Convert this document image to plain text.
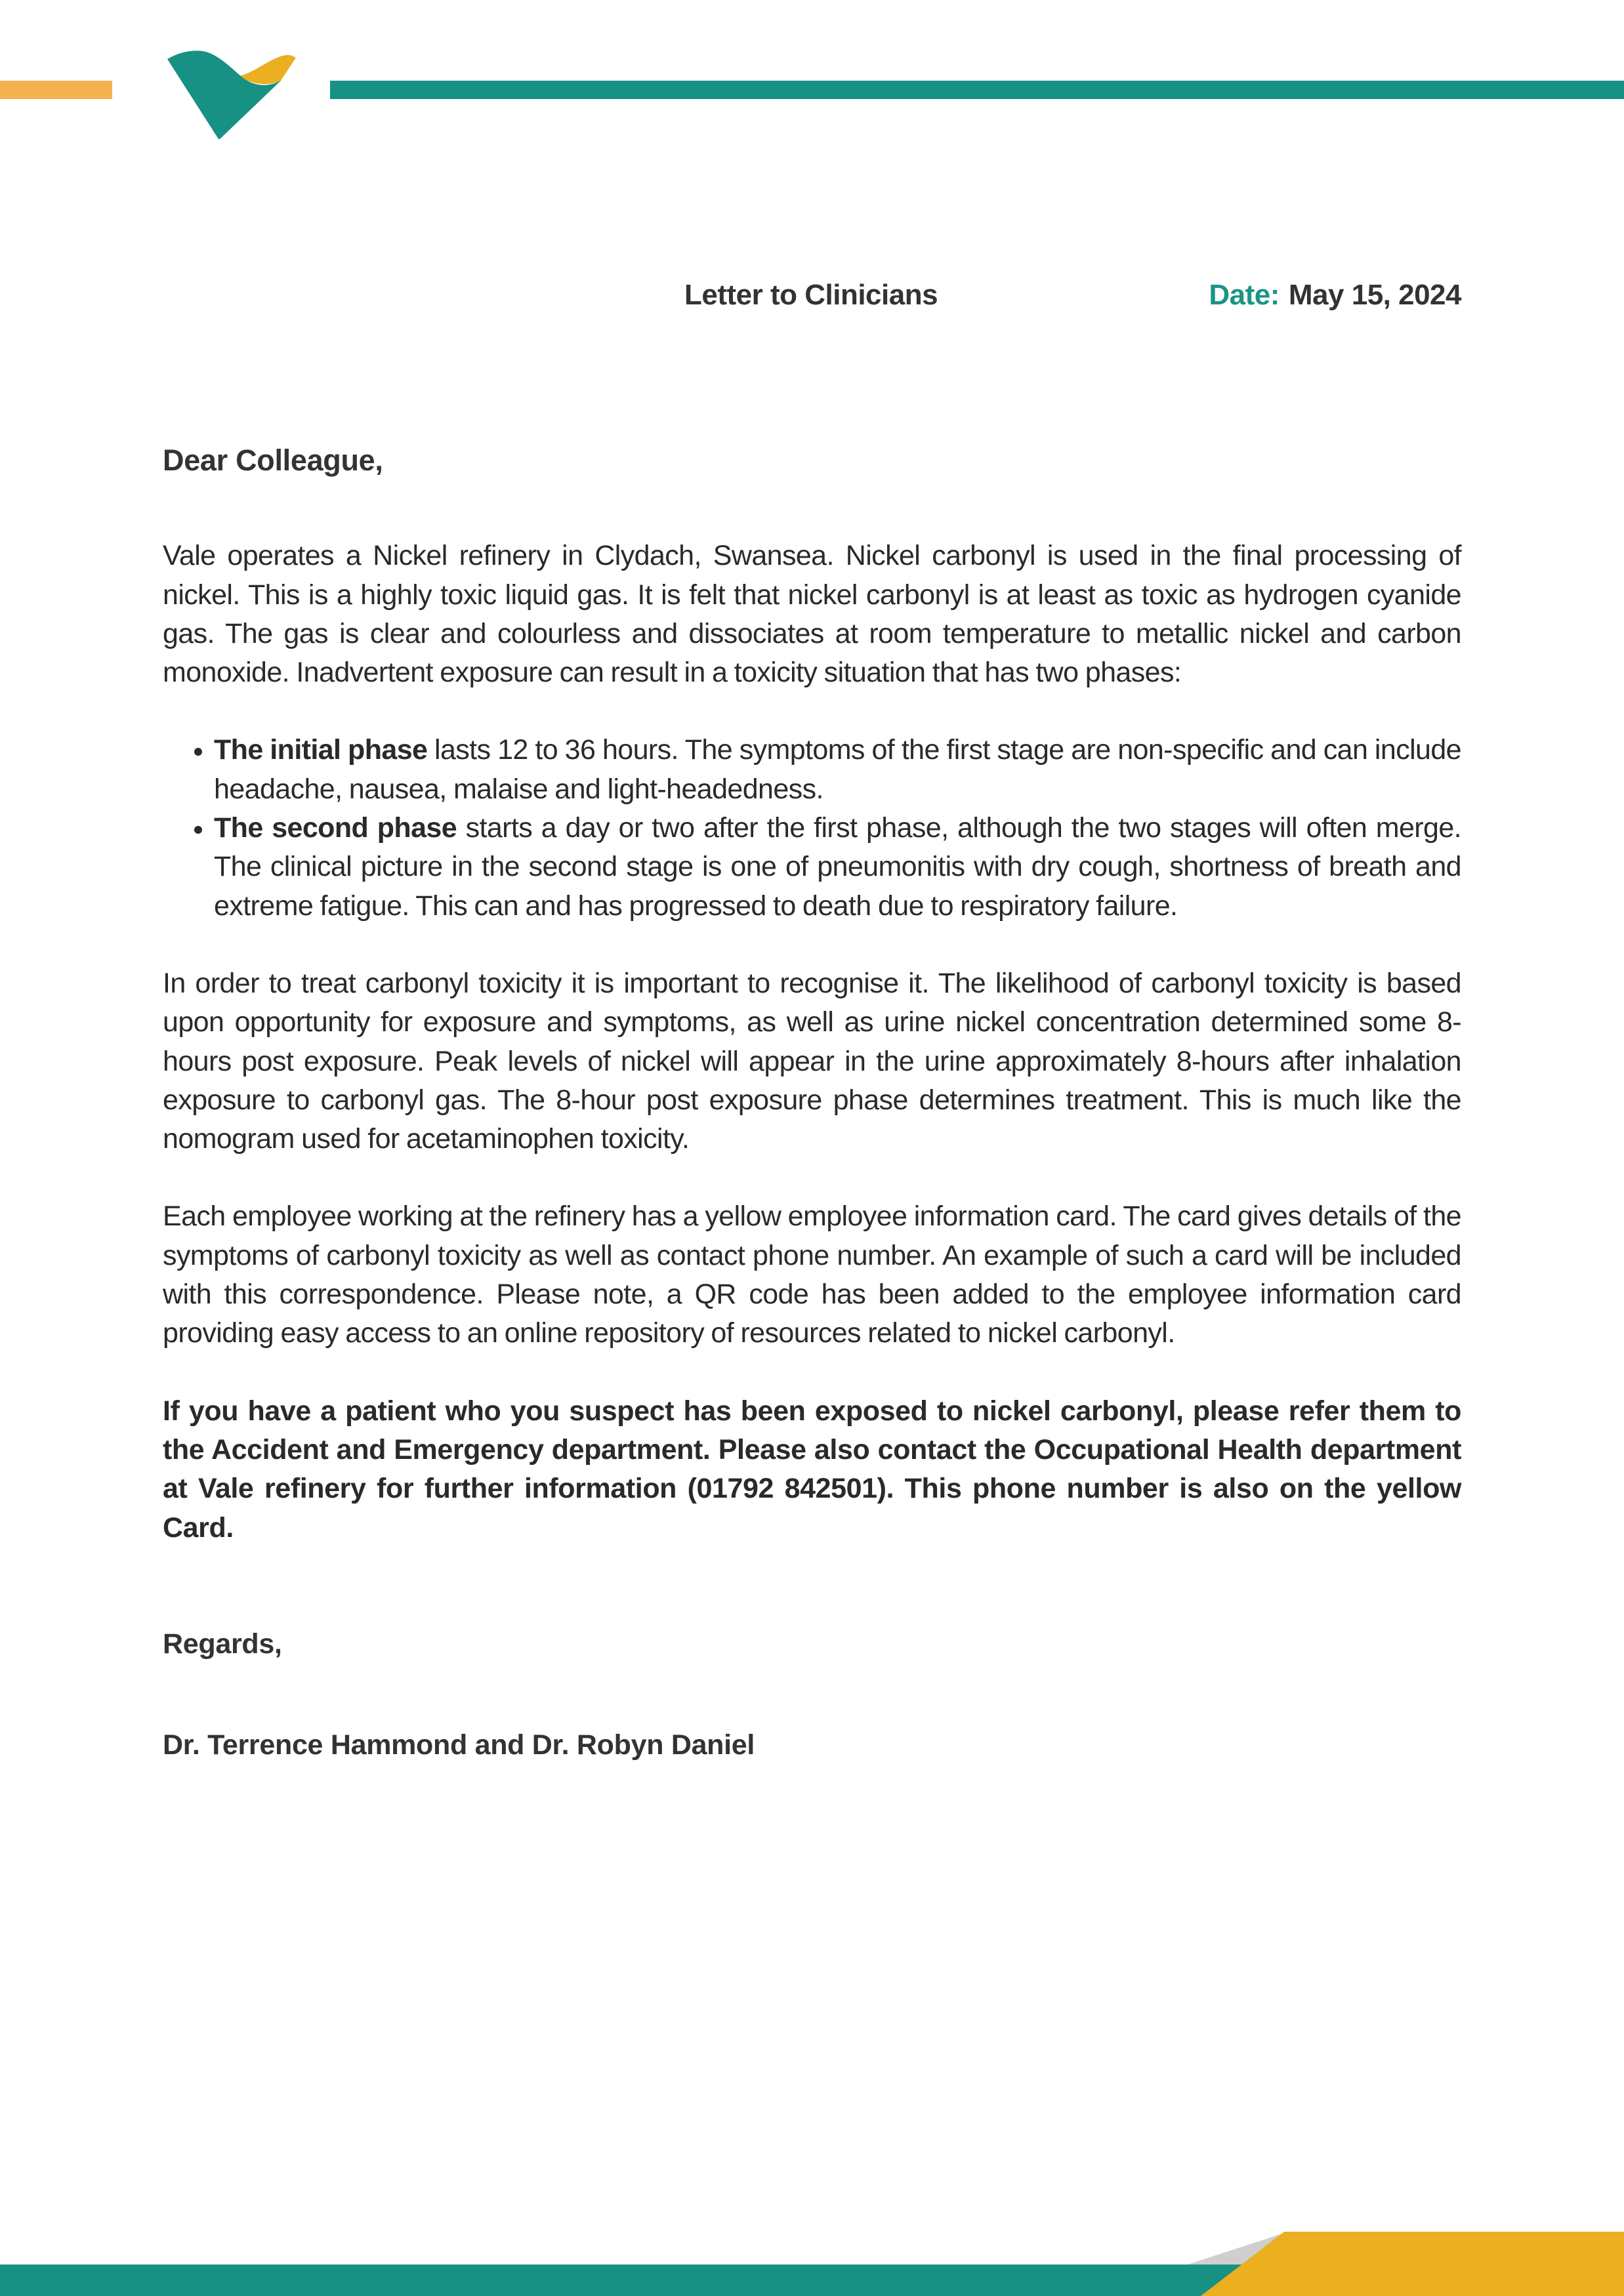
Letter to Clinicians	Date: May 15, 2024
Dear Colleague,

Vale operates a Nickel refinery in Clydach, Swansea. Nickel carbonyl is used in the final processing of nickel. This is a highly toxic liquid gas. It is felt that nickel carbonyl is at least as toxic as hydrogen cyanide gas. The gas is clear and colourless and dissociates at room temperature to metallic nickel and carbon monoxide. Inadvertent exposure can result in a toxicity situation that has two phases:

• The initial phase lasts 12 to 36 hours. The symptoms of the first stage are non-specific and can include headache, nausea, malaise and light-headedness.
• The second phase starts a day or two after the first phase, although the two stages will often merge. The clinical picture in the second stage is one of pneumonitis with dry cough, shortness of breath and extreme fatigue. This can and has progressed to death due to respiratory failure.

In order to treat carbonyl toxicity it is important to recognise it. The likelihood of carbonyl toxicity is based upon opportunity for exposure and symptoms, as well as urine nickel concentration determined some 8-hours post exposure. Peak levels of nickel will appear in the urine approximately 8-hours after inhalation exposure to carbonyl gas. The 8-hour post exposure phase determines treatment. This is much like the nomogram used for acetaminophen toxicity.

Each employee working at the refinery has a yellow employee information card. The card gives details of the symptoms of carbonyl toxicity as well as contact phone number. An example of such a card will be included with this correspondence. Please note, a QR code has been added to the employee information card providing easy access to an online repository of resources related to nickel carbonyl.

If you have a patient who you suspect has been exposed to nickel carbonyl, please refer them to the Accident and Emergency department. Please also contact the Occupational Health department at Vale refinery for further information (01792 842501). This phone number is also on the yellow Card.

Regards,
Dr. Terrence Hammond and Dr. Robyn Daniel
